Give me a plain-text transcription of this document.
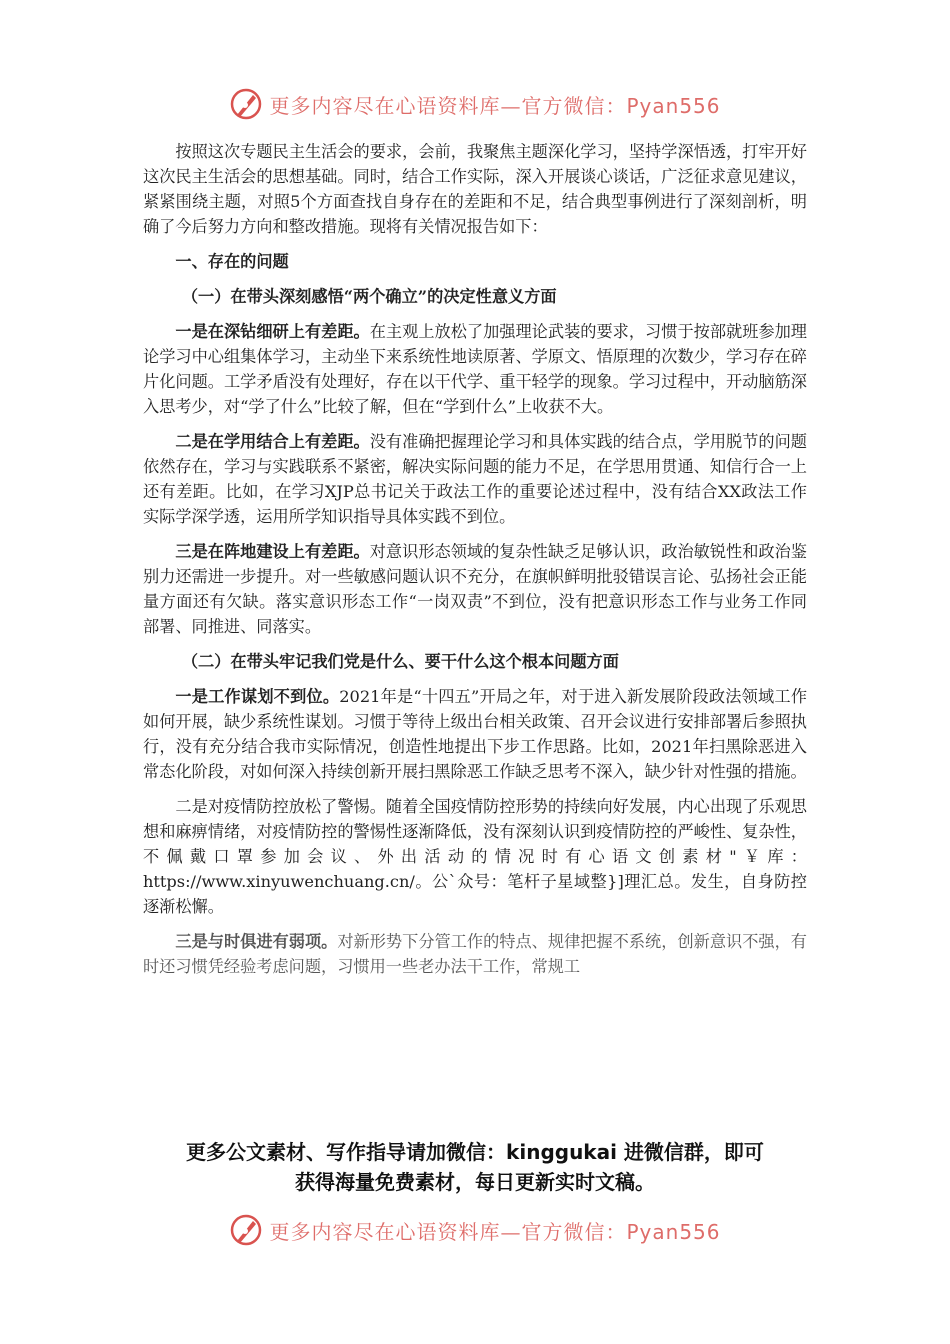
更多内容尽在心语资料库—官方微信：Pyan556

按照这次专题民主生活会的要求，会前，我聚焦主题深化学习，坚持学深悟透，打牢开好这次民主生活会的思想基础。同时，结合工作实际，深入开展谈心谈话，广泛征求意见建议，紧紧围绕主题，对照5个方面查找自身存在的差距和不足，结合典型事例进行了深刻剖析，明确了今后努力方向和整改措施。现将有关情况报告如下：

一、存在的问题
（一）在带头深刻感悟“两个确立”的决定性意义方面

一是在深钻细研上有差距。在主观上放松了加强理论武装的要求，习惯于按部就班参加理论学习中心组集体学习，主动坐下来系统性地读原著、学原文、悟原理的次数少，学习存在碎片化问题。工学矛盾没有处理好，存在以干代学、重干轻学的现象。学习过程中，开动脑筋深入思考少，对“学了什么”比较了解，但在“学到什么”上收获不大。

二是在学用结合上有差距。没有准确把握理论学习和具体实践的结合点，学用脱节的问题依然存在，学习与实践联系不紧密，解决实际问题的能力不足，在学思用贯通、知信行合一上还有差距。比如，在学习XJP总书记关于政法工作的重要论述过程中，没有结合XX政法工作实际学深学透，运用所学知识指导具体实践不到位。

三是在阵地建设上有差距。对意识形态领域的复杂性缺乏足够认识，政治敏锐性和政治鉴别力还需进一步提升。对一些敏感问题认识不充分，在旗帜鲜明批驳错误言论、弘扬社会正能量方面还有欠缺。落实意识形态工作“一岗双责”不到位，没有把意识形态工作与业务工作同部署、同推进、同落实。

（二）在带头牢记我们党是什么、要干什么这个根本问题方面

一是工作谋划不到位。2021年是“十四五”开局之年，对于进入新发展阶段政法领域工作如何开展，缺少系统性谋划。习惯于等待上级出台相关政策、召开会议进行安排部署后参照执行，没有充分结合我市实际情况，创造性地提出下步工作思路。比如，2021年扫黑除恶进入常态化阶段，对如何深入持续创新开展扫黑除恶工作缺乏思考不深入，缺少针对性强的措施。

二是对疫情防控放松了警惕。随着全国疫情防控形势的持续向好发展，内心出现了乐观思想和麻痹情绪，对疫情防控的警惕性逐渐降低，没有深刻认识到疫情防控的严峻性、复杂性，不佩戴口罩参加会议、外出活动的情况时有心语文创素材"￥库：https://www.xinyuwenchuang.cn/。公`众号：笔杆子星域整}]理汇总。发生，自身防控逐渐松懈。

三是与时俱进有弱项。对新形势下分管工作的特点、规律把握不系统，创新意识不强，有时还习惯凭经验考虑问题，习惯用一些老办法干工作，常规工

更多公文素材、写作指导请加微信：kinggukai 进微信群，即可
获得海量免费素材，每日更新实时文稿。
更多内容尽在心语资料库—官方微信：Pyan556
